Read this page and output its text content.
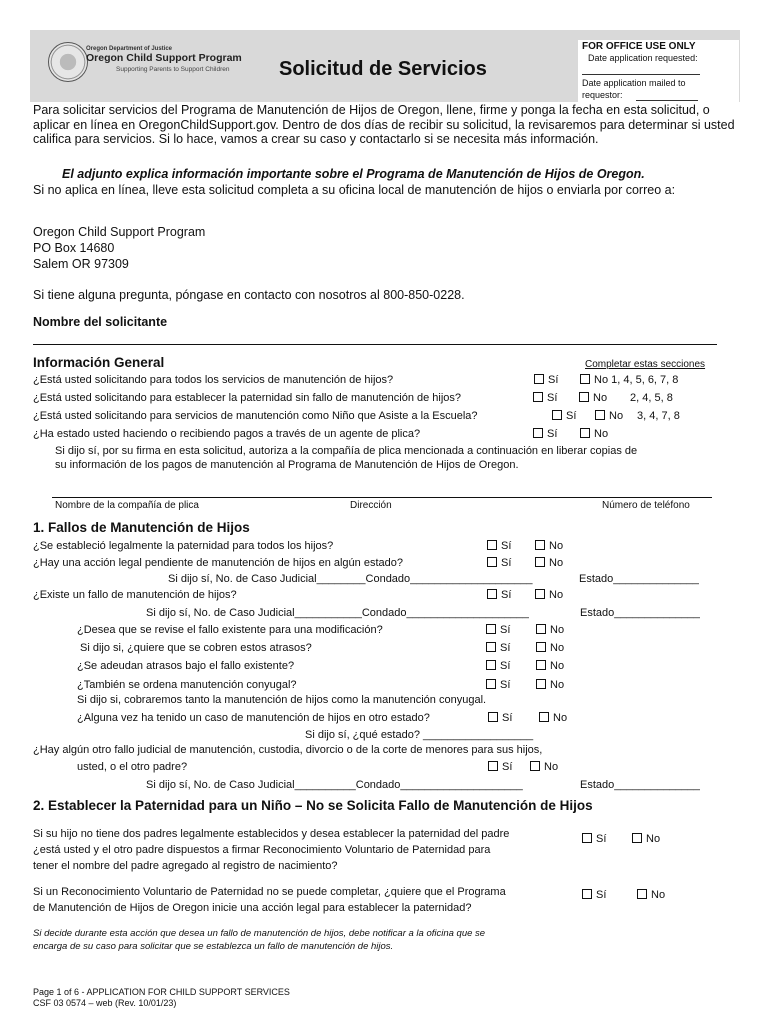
Oregon Department of Justice
Oregon Child Support Program
Supporting Parents to Support Children Solicitud de Servicios
FOR OFFICE USE ONLY
Date application requested:
Date application mailed to
requestor:
Para solicitar servicios del Programa de Manutención de Hijos de Oregon, llene, firme y ponga la fecha en esta solicitud, o aplicar en línea en OregonChildSupport.gov. Dentro de dos días de recibir su solicitud, la revisaremos para determinar si usted califica para servicios. Si lo hace, vamos a crear su caso y contactarlo si se necesita más información.
El adjunto explica información importante sobre el Programa de Manutención de Hijos de Oregon.
Si no aplica en línea, lleve esta solicitud completa a su oficina local de manutención de hijos o enviarla por correo a:
Oregon Child Support Program
PO Box 14680
Salem OR 97309
Si tiene alguna pregunta, póngase en contacto con nosotros al 800-850-0228.
Nombre del solicitante
Información General	Completar estas secciones
¿Está usted solicitando para todos los servicios de manutención de hijos?	Sí	No 1, 4, 5, 6, 7, 8
¿Está usted solicitando para establecer la paternidad sin fallo de manutención de hijos?	Sí	No 2, 4, 5, 8
¿Está usted solicitando para servicios de manutención como Niño que Asiste a la Escuela?	Sí	No 3, 4, 7, 8
¿Ha estado usted haciendo o recibiendo pagos a través de un agente de plica?	Sí	No
Si dijo sí, por su firma en esta solicitud, autoriza a la compañía de plica mencionada a continuación en liberar copias de
su información de los pagos de manutención al Programa de Manutención de Hijos de Oregon.
Nombre de la compañía de plica	Dirección	Número de teléfono
1. Fallos de Manutención de Hijos
¿Se estableció legalmente la paternidad para todos los hijos?	Sí	No
¿Hay una acción legal pendiente de manutención de hijos en algún estado?	Sí	No
Si dijo sí, No. de Caso Judicial________Condado____________________	Estado______________
¿Existe un fallo de manutención de hijos?	Sí	No
Si dijo sí, No. de Caso Judicial___________Condado____________________	Estado______________
¿Desea que se revise el fallo existente para una modificación?	Sí	No
Si dijo si, ¿quiere que se cobren estos atrasos?	Sí	No
¿Se adeudan atrasos bajo el fallo existente?	Sí	No
¿También se ordena manutención conyugal?	Sí	No
Si dijo si, cobraremos tanto la manutención de hijos como la manutención conyugal.
¿Alguna vez ha tenido un caso de manutención de hijos en otro estado?	Sí	No
Si dijo sí, ¿qué estado? __________________
¿Hay algún otro fallo judicial de manutención, custodia, divorcio o de la corte de menores para sus hijos,
usted, o el otro padre?	Sí	No
Si dijo sí, No. de Caso Judicial__________Condado____________________	Estado______________
2. Establecer la Paternidad para un Niño – No se Solicita Fallo de Manutención de Hijos
Si su hijo no tiene dos padres legalmente establecidos y desea establecer la paternidad del padre
¿está usted y el otro padre dispuestos a firmar Reconocimiento Voluntario de Paternidad para
tener el nombre del padre agregado al registro de nacimiento?
Sí	No
Si un Reconocimiento Voluntario de Paternidad no se puede completar, ¿quiere que el Programa
de Manutención de Hijos de Oregon inicie una acción legal para establecer la paternidad?
Sí	No
Si decide durante esta acción que desea un fallo de manutención de hijos, debe notificar a la oficina que se
encarga de su caso para solicitar que se establezca un fallo de manutención de hijos.
Page 1 of 6 - APPLICATION FOR CHILD SUPPORT SERVICES
CSF 03 0574 – web (Rev. 10/01/23)
